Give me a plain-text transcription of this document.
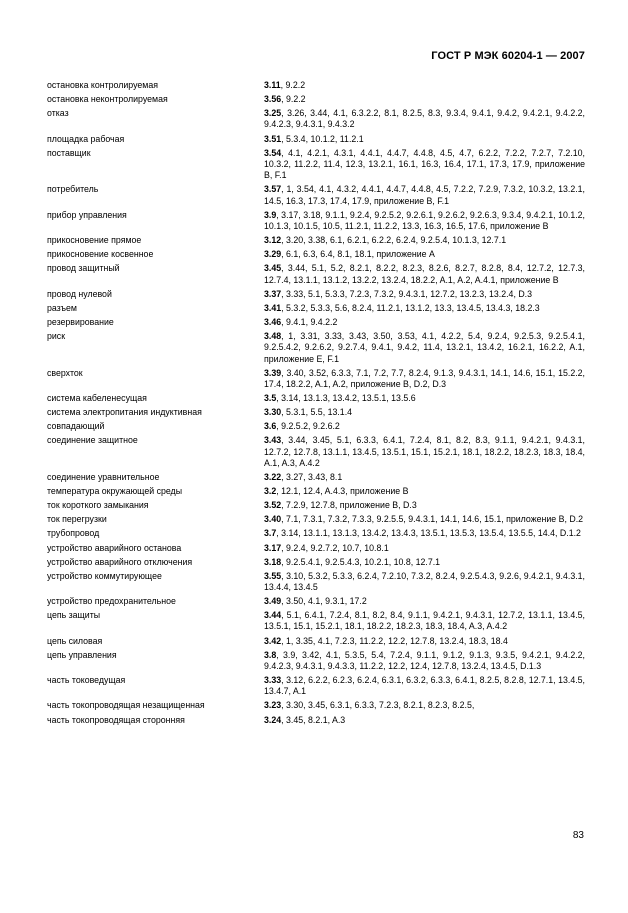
ГОСТ Р МЭК 60204-1 — 2007
остановка контролируемая	3.11, 9.2.2
остановка неконтролируемая	3.56, 9.2.2
отказ	3.25, 3.26, 3.44, 4.1, 6.3.2.2, 8.1, 8.2.5, 8.3, 9.3.4, 9.4.1, 9.4.2, 9.4.2.1, 9.4.2.2, 9.4.2.3, 9.4.3.1, 9.4.3.2
площадка рабочая	3.51, 5.3.4, 10.1.2, 11.2.1
поставщик	3.54, 4.1, 4.2.1, 4.3.1, 4.4.1, 4.4.7, 4.4.8, 4.5, 4.7, 6.2.2, 7.2.2, 7.2.7, 7.2.10, 10.3.2, 11.2.2, 11.4, 12.3, 13.2.1, 16.1, 16.3, 16.4, 17.1, 17.3, 17.9, приложение В, F.1
потребитель	3.57, 1, 3.54, 4.1, 4.3.2, 4.4.1, 4.4.7, 4.4.8, 4.5, 7.2.2, 7.2.9, 7.3.2, 10.3.2, 13.2.1, 14.5, 16.3, 17.3, 17.4, 17.9, приложение В, F.1
прибор управления	3.9, 3.17, 3.18, 9.1.1, 9.2.4, 9.2.5.2, 9.2.6.1, 9.2.6.2, 9.2.6.3, 9.3.4, 9.4.2.1, 10.1.2, 10.1.3, 10.1.5, 10.5, 11.2.1, 11.2.2, 13.3, 16.3, 16.5, 17.6, приложение В
прикосновение прямое	3.12, 3.20, 3.38, 6.1, 6.2.1, 6.2.2, 6.2.4, 9.2.5.4, 10.1.3, 12.7.1
прикосновение косвенное	3.29, 6.1, 6.3, 6.4, 8.1, 18.1, приложение А
провод защитный	3.45, 3.44, 5.1, 5.2, 8.2.1, 8.2.2, 8.2.3, 8.2.6, 8.2.7, 8.2.8, 8.4, 12.7.2, 12.7.3, 12.7.4, 13.1.1, 13.1.2, 13.2.2, 13.2.4, 18.2.2, A.1, A.2, A.4.1, приложение В
провод нулевой	3.37, 3.33, 5.1, 5.3.3, 7.2.3, 7.3.2, 9.4.3.1, 12.7.2, 13.2.3, 13.2.4, D.3
разъем	3.41, 5.3.2, 5.3.3, 5.6, 8.2.4, 11.2.1, 13.1.2, 13.3, 13.4.5, 13.4.3, 18.2.3
резервирование	3.46, 9.4.1, 9.4.2.2
риск	3.48, 1, 3.31, 3.33, 3.43, 3.50, 3.53, 4.1, 4.2.2, 5.4, 9.2.4, 9.2.5.3, 9.2.5.4.1, 9.2.5.4.2, 9.2.6.2, 9.2.7.4, 9.4.1, 9.4.2, 11.4, 13.2.1, 13.4.2, 16.2.1, 16.2.2, A.1, приложение Е, F.1
сверхток	3.39, 3.40, 3.52, 6.3.3, 7.1, 7.2, 7.7, 8.2.4, 9.1.3, 9.4.3.1, 14.1, 14.6, 15.1, 15.2.2, 17.4, 18.2.2, A.1, A.2, приложение В, D.2, D.3
система кабеленесущая	3.5, 3.14, 13.1.3, 13.4.2, 13.5.1, 13.5.6
система электропитания индуктивная	3.30, 5.3.1, 5.5, 13.1.4
совпадающий	3.6, 9.2.5.2, 9.2.6.2
соединение защитное	3.43, 3.44, 3.45, 5.1, 6.3.3, 6.4.1, 7.2.4, 8.1, 8.2, 8.3, 9.1.1, 9.4.2.1, 9.4.3.1, 12.7.2, 12.7.8, 13.1.1, 13.4.5, 13.5.1, 15.1, 15.2.1, 18.1, 18.2.2, 18.2.3, 18.3, 18.4, A.1, A.3, A.4.2
соединение уравнительное	3.22, 3.27, 3.43, 8.1
температура окружающей среды	3.2, 12.1, 12.4, A.4.3, приложение В
ток короткого замыкания	3.52, 7.2.9, 12.7.8, приложение В, D.3
ток перегрузки	3.40, 7.1, 7.3.1, 7.3.2, 7.3.3, 9.2.5.5, 9.4.3.1, 14.1, 14.6, 15.1, приложение В, D.2
трубопровод	3.7, 3.14, 13.1.1, 13.1.3, 13.4.2, 13.4.3, 13.5.1, 13.5.3, 13.5.4, 13.5.5, 14.4, D.1.2
устройство аварийного останова	3.17, 9.2.4, 9.2.7.2, 10.7, 10.8.1
устройство аварийного отключения	3.18, 9.2.5.4.1, 9.2.5.4.3, 10.2.1, 10.8, 12.7.1
устройство коммутирующее	3.55, 3.10, 5.3.2, 5.3.3, 6.2.4, 7.2.10, 7.3.2, 8.2.4, 9.2.5.4.3, 9.2.6, 9.4.2.1, 9.4.3.1, 13.4.4, 13.4.5
устройство предохранительное	3.49, 3.50, 4.1, 9.3.1, 17.2
цепь защиты	3.44, 5.1, 6.4.1, 7.2.4, 8.1, 8.2, 8.4, 9.1.1, 9.4.2.1, 9.4.3.1, 12.7.2, 13.1.1, 13.4.5, 13.5.1, 15.1, 15.2.1, 18.1, 18.2.2, 18.2.3, 18.3, 18.4, A.3, A.4.2
цепь силовая	3.42, 1, 3.35, 4.1, 7.2.3, 11.2.2, 12.2, 12.7.8, 13.2.4, 18.3, 18.4
цепь управления	3.8, 3.9, 3.42, 4.1, 5.3.5, 5.4, 7.2.4, 9.1.1, 9.1.2, 9.1.3, 9.3.5, 9.4.2.1, 9.4.2.2, 9.4.2.3, 9.4.3.1, 9.4.3.3, 11.2.2, 12.2, 12.4, 12.7.8, 13.2.4, 13.4.5, D.1.3
часть токоведущая	3.33, 3.12, 6.2.2, 6.2.3, 6.2.4, 6.3.1, 6.3.2, 6.3.3, 6.4.1, 8.2.5, 8.2.8, 12.7.1, 13.4.5, 13.4.7, A.1
часть токопроводящая незащищенная	3.23, 3.30, 3.45, 6.3.1, 6.3.3, 7.2.3, 8.2.1, 8.2.3, 8.2.5,
часть токопроводящая сторонняя	3.24, 3.45, 8.2.1, A.3
83
